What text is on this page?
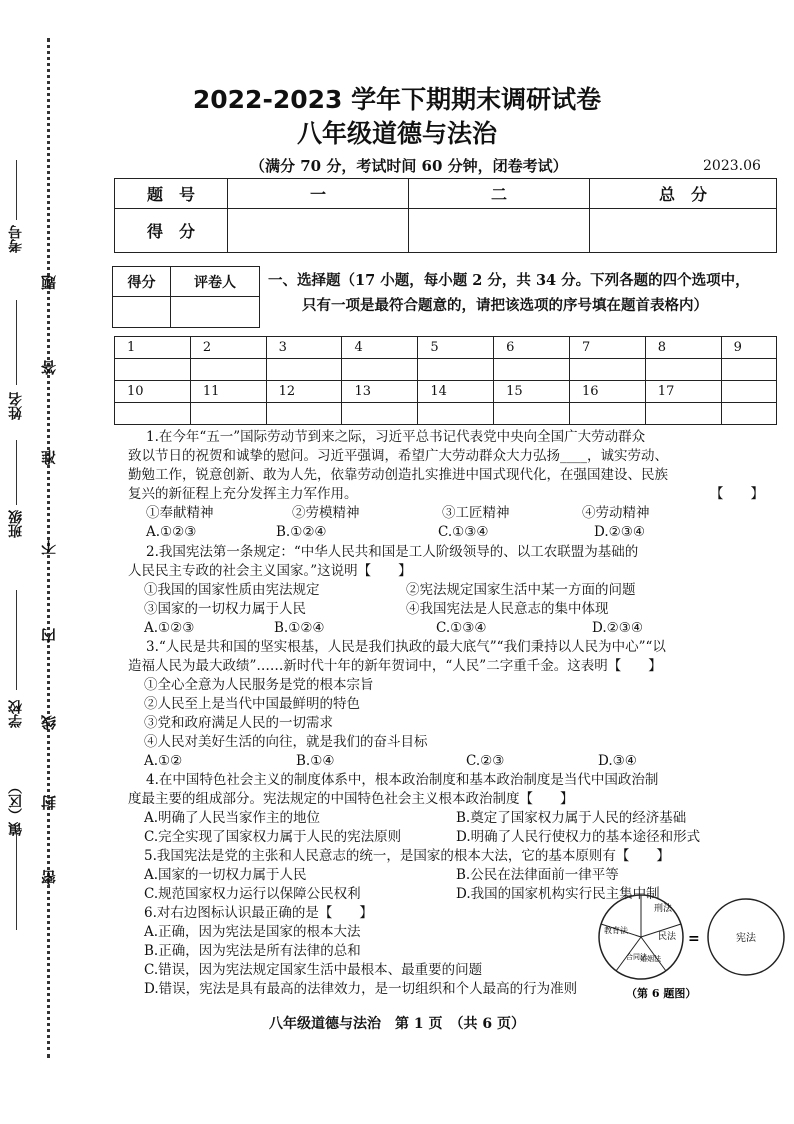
考号
姓名
班级
学校
镇（区）
密
封
线
内
不
准
答
题
2022-2023 学年下期期末调研试卷
八年级道德与法治
（满分 70 分，考试时间 60 分钟，闭卷考试）	2023.06
题　号	一	二	总　分
得　分			
得分	评卷人
	一、选择题（17 小题，每小题 2 分，共 34 分。下列各题的四个选项中，
只有一项是最符合题意的，请把该选项的序号填在题首表格内）
1	2	3	4	5	6	7	8	9

10	11	12	13	14	15	16	17	

1.在今年“五一”国际劳动节到来之际，习近平总书记代表党中央向全国广大劳动群众
致以节日的祝贺和诚挚的慰问。习近平强调，希望广大劳动群众大力弘扬____，诚实劳动、
勤勉工作，锐意创新、敢为人先，依靠劳动创造扎实推进中国式现代化，在强国建设、民族
复兴的新征程上充分发挥主力军作用。	【　　】
①奉献精神	②劳模精神	③工匠精神	④劳动精神
A.①②③	B.①②④	C.①③④	D.②③④
2.我国宪法第一条规定：“中华人民共和国是工人阶级领导的、以工农联盟为基础的
人民民主专政的社会主义国家。”这说明【　　】
①我国的国家性质由宪法规定	②宪法规定国家生活中某一方面的问题
③国家的一切权力属于人民	④我国宪法是人民意志的集中体现
A.①②③	B.①②④	C.①③④	D.②③④
3.“人民是共和国的坚实根基，人民是我们执政的最大底气”“我们秉持以人民为中心”“以
造福人民为最大政绩”……新时代十年的新年贺词中，“人民”二字重千金。这表明【　　】
①全心全意为人民服务是党的根本宗旨
②人民至上是当代中国最鲜明的特色
③党和政府满足人民的一切需求
④人民对美好生活的向往，就是我们的奋斗目标
A.①②	B.①④	C.②③	D.③④
4.在中国特色社会主义的制度体系中，根本政治制度和基本政治制度是当代中国政治制
度最主要的组成部分。宪法规定的中国特色社会主义根本政治制度【　　】
A.明确了人民当家作主的地位	B.奠定了国家权力属于人民的经济基础
C.完全实现了国家权力属于人民的宪法原则	D.明确了人民行使权力的基本途径和形式
5.我国宪法是党的主张和人民意志的统一，是国家的根本大法，它的基本原则有【　　】
A.国家的一切权力属于人民	B.公民在法律面前一律平等
C.规范国家权力运行以保障公民权利	D.我国的国家机构实行民主集中制
6.对右边图标认识最正确的是【　　】
A.正确，因为宪法是国家的根本大法
B.正确，因为宪法是所有法律的总和
C.错误，因为宪法规定国家生活中最根本、最重要的问题
D.错误，宪法是具有最高的法律效力，是一切组织和个人最高的行为准则
刑法
民法
婚姻法
合同法
教育法
=	宪法
（第 6 题图）
八年级道德与法治　第 1 页　（共 6 页）
